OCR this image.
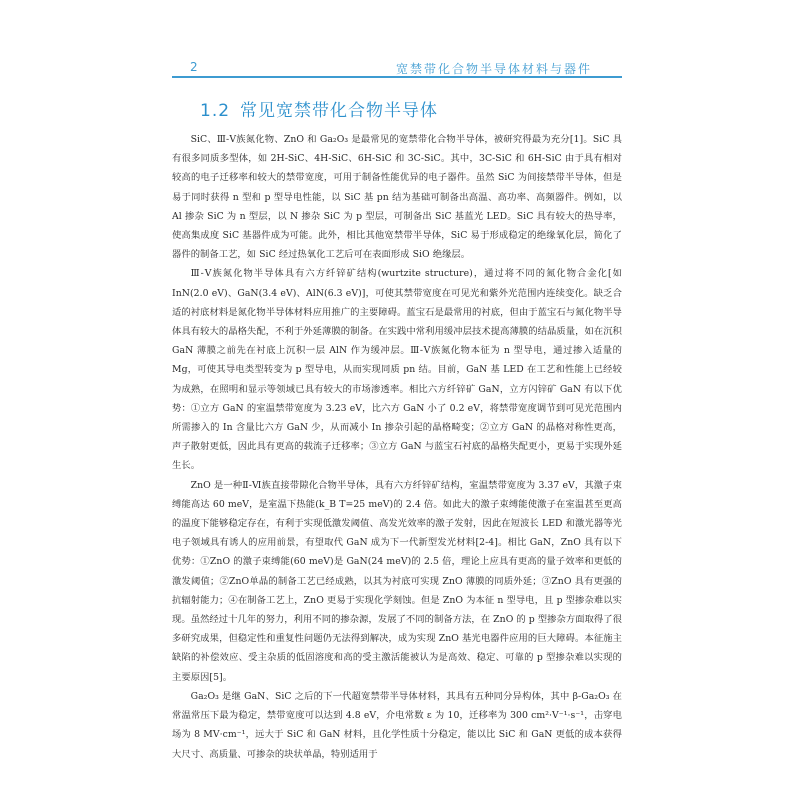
2	宽禁带化合物半导体材料与器件
1.2 常见宽禁带化合物半导体

SiC、Ⅲ-Ⅴ族氮化物、ZnO 和 Ga₂O₃ 是最常见的宽禁带化合物半导体，被研究得最为充分[1]。SiC 具有很多同质多型体，如 2H-SiC、4H-SiC、6H-SiC 和 3C-SiC。其中，3C-SiC 和 6H-SiC 由于具有相对较高的电子迁移率和较大的禁带宽度，可用于制备性能优异的电子器件。虽然 SiC 为间接禁带半导体，但是易于同时获得 n 型和 p 型导电性能，以 SiC 基 pn 结为基础可制备出高温、高功率、高频器件。例如，以 Al 掺杂 SiC 为 n 型层，以 N 掺杂 SiC 为 p 型层，可制备出 SiC 基蓝光 LED。SiC 具有较大的热导率，使高集成度 SiC 基器件成为可能。此外，相比其他宽禁带半导体，SiC 易于形成稳定的绝缘氧化层，简化了器件的制备工艺，如 SiC 经过热氧化工艺后可在表面形成 SiO 绝缘层。

Ⅲ-Ⅴ族氮化物半导体具有六方纤锌矿结构(wurtzite structure)，通过将不同的氮化物合金化[如 InN(2.0 eV)、GaN(3.4 eV)、AlN(6.3 eV)]，可使其禁带宽度在可见光和紫外光范围内连续变化。缺乏合适的衬底材料是氮化物半导体材料应用推广的主要障碍。蓝宝石是最常用的衬底，但由于蓝宝石与氮化物半导体具有较大的晶格失配，不利于外延薄膜的制备。在实践中常利用缓冲层技术提高薄膜的结晶质量，如在沉积 GaN 薄膜之前先在衬底上沉积一层 AlN 作为缓冲层。Ⅲ-Ⅴ族氮化物本征为 n 型导电，通过掺入适量的 Mg，可使其导电类型转变为 p 型导电，从而实现同质 pn 结。目前，GaN 基 LED 在工艺和性能上已经较为成熟，在照明和显示等领域已具有较大的市场渗透率。相比六方纤锌矿 GaN，立方闪锌矿 GaN 有以下优势：①立方 GaN 的室温禁带宽度为 3.23 eV，比六方 GaN 小了 0.2 eV，将禁带宽度调节到可见光范围内所需掺入的 In 含量比六方 GaN 少，从而减小 In 掺杂引起的晶格畸变；②立方 GaN 的晶格对称性更高，声子散射更低，因此具有更高的载流子迁移率；③立方 GaN 与蓝宝石衬底的晶格失配更小，更易于实现外延生长。

ZnO 是一种Ⅱ-Ⅵ族直接带隙化合物半导体，具有六方纤锌矿结构，室温禁带宽度为 3.37 eV，其激子束缚能高达 60 meV，是室温下热能(k_B T=25 meV)的 2.4 倍。如此大的激子束缚能使激子在室温甚至更高的温度下能够稳定存在，有利于实现低激发阈值、高发光效率的激子发射，因此在短波长 LED 和激光器等光电子领域具有诱人的应用前景，有望取代 GaN 成为下一代新型发光材料[2-4]。相比 GaN，ZnO 具有以下优势：①ZnO 的激子束缚能(60 meV)是 GaN(24 meV)的 2.5 倍，理论上应具有更高的量子效率和更低的激发阈值；②ZnO单晶的制备工艺已经成熟，以其为衬底可实现 ZnO 薄膜的同质外延；③ZnO 具有更强的抗辐射能力；④在制备工艺上，ZnO 更易于实现化学刻蚀。但是 ZnO 为本征 n 型导电，且 p 型掺杂难以实现。虽然经过十几年的努力，利用不同的掺杂源，发展了不同的制备方法，在 ZnO 的 p 型掺杂方面取得了很多研究成果，但稳定性和重复性问题仍无法得到解决，成为实现 ZnO 基光电器件应用的巨大障碍。本征施主缺陷的补偿效应、受主杂质的低固溶度和高的受主激活能被认为是高效、稳定、可靠的 p 型掺杂难以实现的主要原因[5]。

Ga₂O₃ 是继 GaN、SiC 之后的下一代超宽禁带半导体材料，其具有五种同分异构体，其中 β-Ga₂O₃ 在常温常压下最为稳定，禁带宽度可以达到 4.8 eV，介电常数 ε 为 10，迁移率为 300 cm²·V⁻¹·s⁻¹，击穿电场为 8 MV·cm⁻¹，远大于 SiC 和 GaN 材料，且化学性质十分稳定，能以比 SiC 和 GaN 更低的成本获得大尺寸、高质量、可掺杂的块状单晶，特别适用于
